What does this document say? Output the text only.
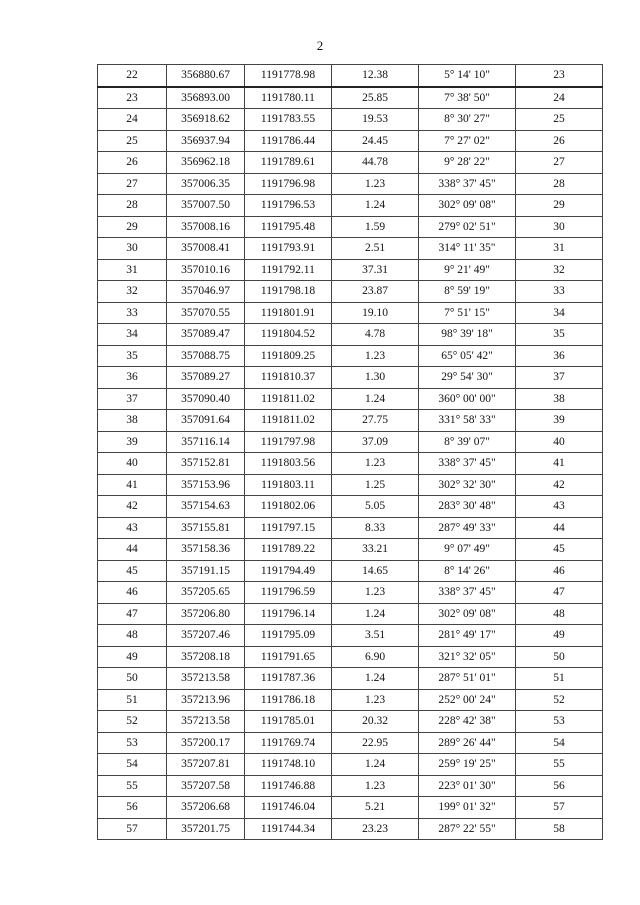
2
22	356880.67	1191778.98	12.38	5° 14' 10"	23
23	356893.00	1191780.11	25.85	7° 38' 50"	24
24	356918.62	1191783.55	19.53	8° 30' 27"	25
25	356937.94	1191786.44	24.45	7° 27' 02"	26
26	356962.18	1191789.61	44.78	9° 28' 22"	27
27	357006.35	1191796.98	1.23	338° 37' 45"	28
28	357007.50	1191796.53	1.24	302° 09' 08"	29
29	357008.16	1191795.48	1.59	279° 02' 51"	30
30	357008.41	1191793.91	2.51	314° 11' 35"	31
31	357010.16	1191792.11	37.31	9° 21' 49"	32
32	357046.97	1191798.18	23.87	8° 59' 19"	33
33	357070.55	1191801.91	19.10	7° 51' 15"	34
34	357089.47	1191804.52	4.78	98° 39' 18"	35
35	357088.75	1191809.25	1.23	65° 05' 42"	36
36	357089.27	1191810.37	1.30	29° 54' 30"	37
37	357090.40	1191811.02	1.24	360° 00' 00"	38
38	357091.64	1191811.02	27.75	331° 58' 33"	39
39	357116.14	1191797.98	37.09	8° 39' 07"	40
40	357152.81	1191803.56	1.23	338° 37' 45"	41
41	357153.96	1191803.11	1.25	302° 32' 30"	42
42	357154.63	1191802.06	5.05	283° 30' 48"	43
43	357155.81	1191797.15	8.33	287° 49' 33"	44
44	357158.36	1191789.22	33.21	9° 07' 49"	45
45	357191.15	1191794.49	14.65	8° 14' 26"	46
46	357205.65	1191796.59	1.23	338° 37' 45"	47
47	357206.80	1191796.14	1.24	302° 09' 08"	48
48	357207.46	1191795.09	3.51	281° 49' 17"	49
49	357208.18	1191791.65	6.90	321° 32' 05"	50
50	357213.58	1191787.36	1.24	287° 51' 01"	51
51	357213.96	1191786.18	1.23	252° 00' 24"	52
52	357213.58	1191785.01	20.32	228° 42' 38"	53
53	357200.17	1191769.74	22.95	289° 26' 44"	54
54	357207.81	1191748.10	1.24	259° 19' 25"	55
55	357207.58	1191746.88	1.23	223° 01' 30"	56
56	357206.68	1191746.04	5.21	199° 01' 32"	57
57	357201.75	1191744.34	23.23	287° 22' 55"	58
